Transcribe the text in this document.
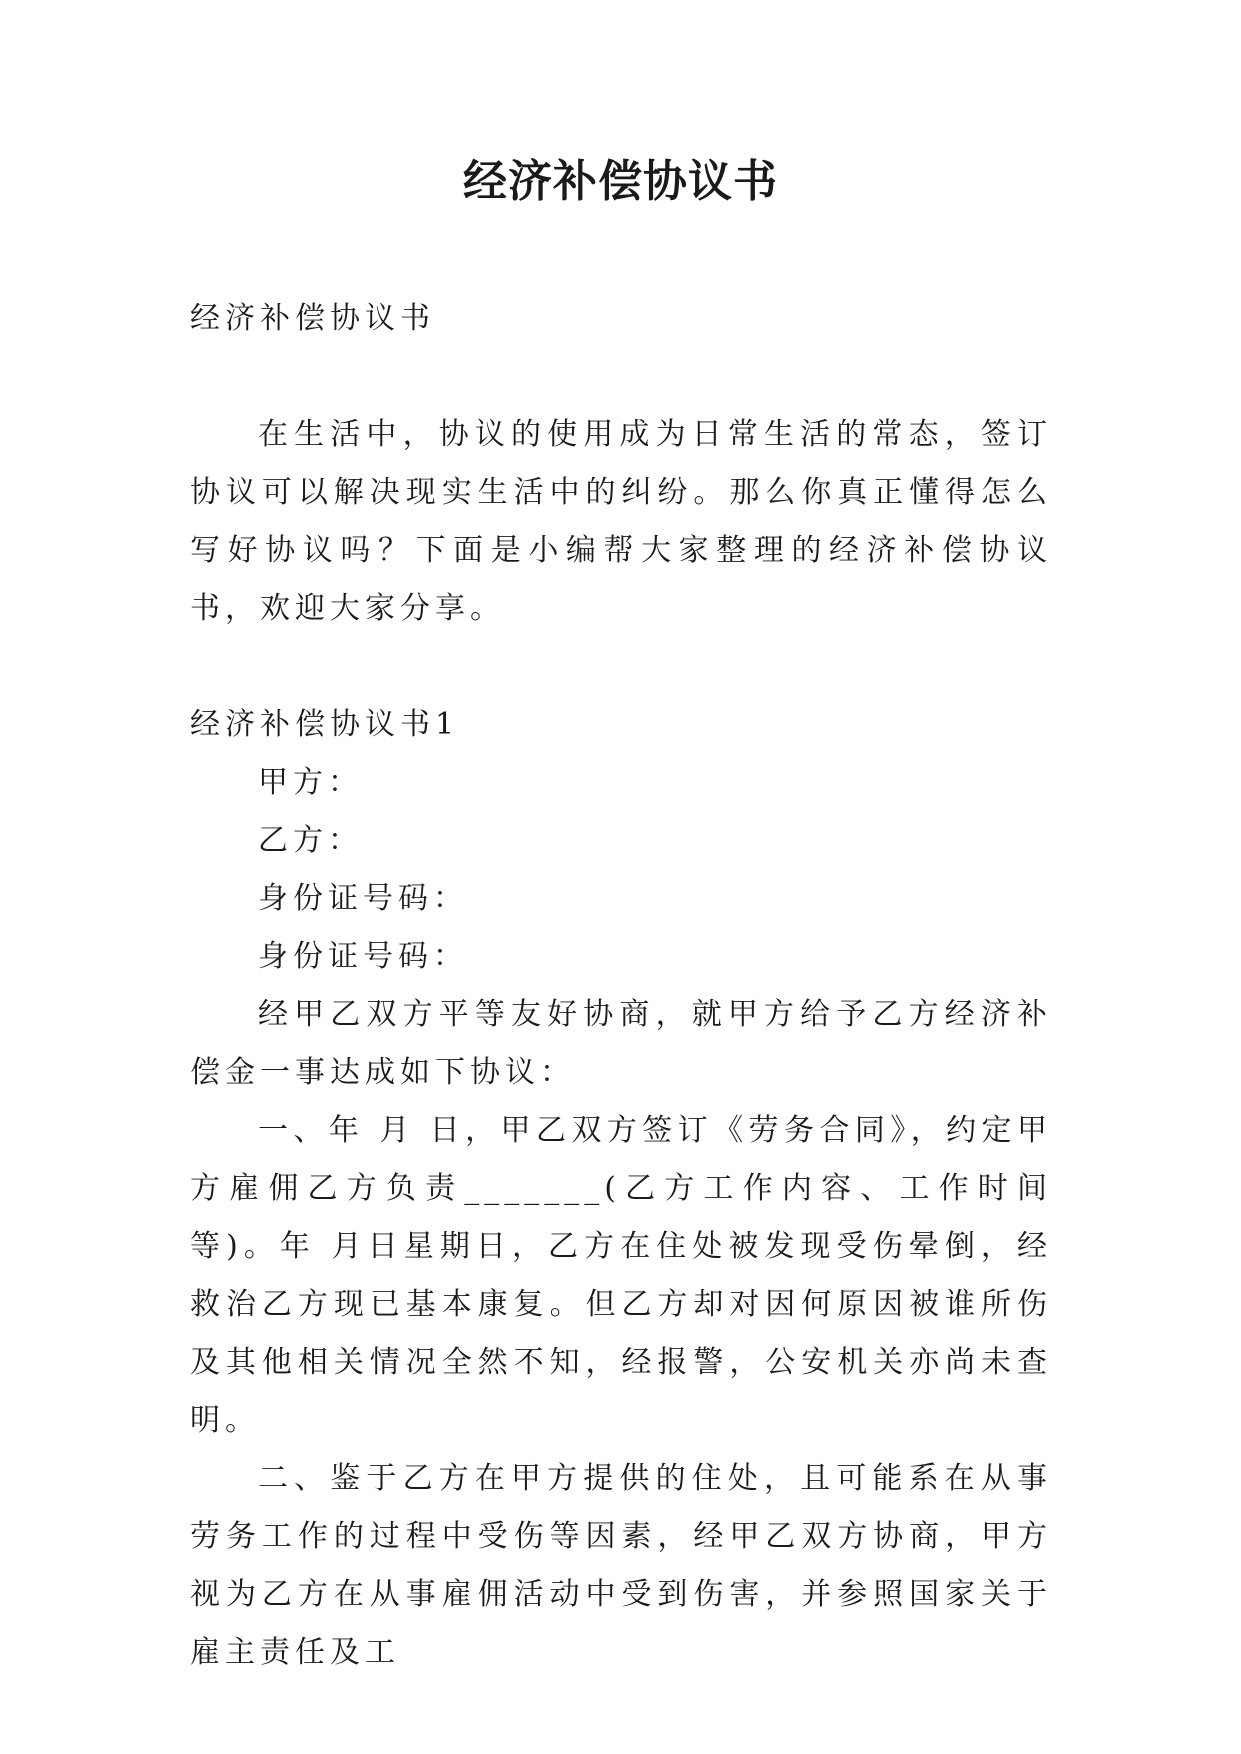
经济补偿协议书

经济补偿协议书

在生活中，协议的使用成为日常生活的常态，签订协议可以解决现实生活中的纠纷。那么你真正懂得怎么写好协议吗？下面是小编帮大家整理的经济补偿协议书，欢迎大家分享。

经济补偿协议书1

甲方：

乙方：

身份证号码：

身份证号码：

经甲乙双方平等友好协商，就甲方给予乙方经济补偿金一事达成如下协议：

一、年 月 日，甲乙双方签订《劳务合同》，约定甲方雇佣乙方负责_______(乙方工作内容、工作时间等)。年 月日星期日，乙方在住处被发现受伤晕倒，经救治乙方现已基本康复。但乙方却对因何原因被谁所伤及其他相关情况全然不知，经报警，公安机关亦尚未查明。

二、鉴于乙方在甲方提供的住处，且可能系在从事劳务工作的过程中受伤等因素，经甲乙双方协商，甲方视为乙方在从事雇佣活动中受到伤害，并参照国家关于雇主责任及工
